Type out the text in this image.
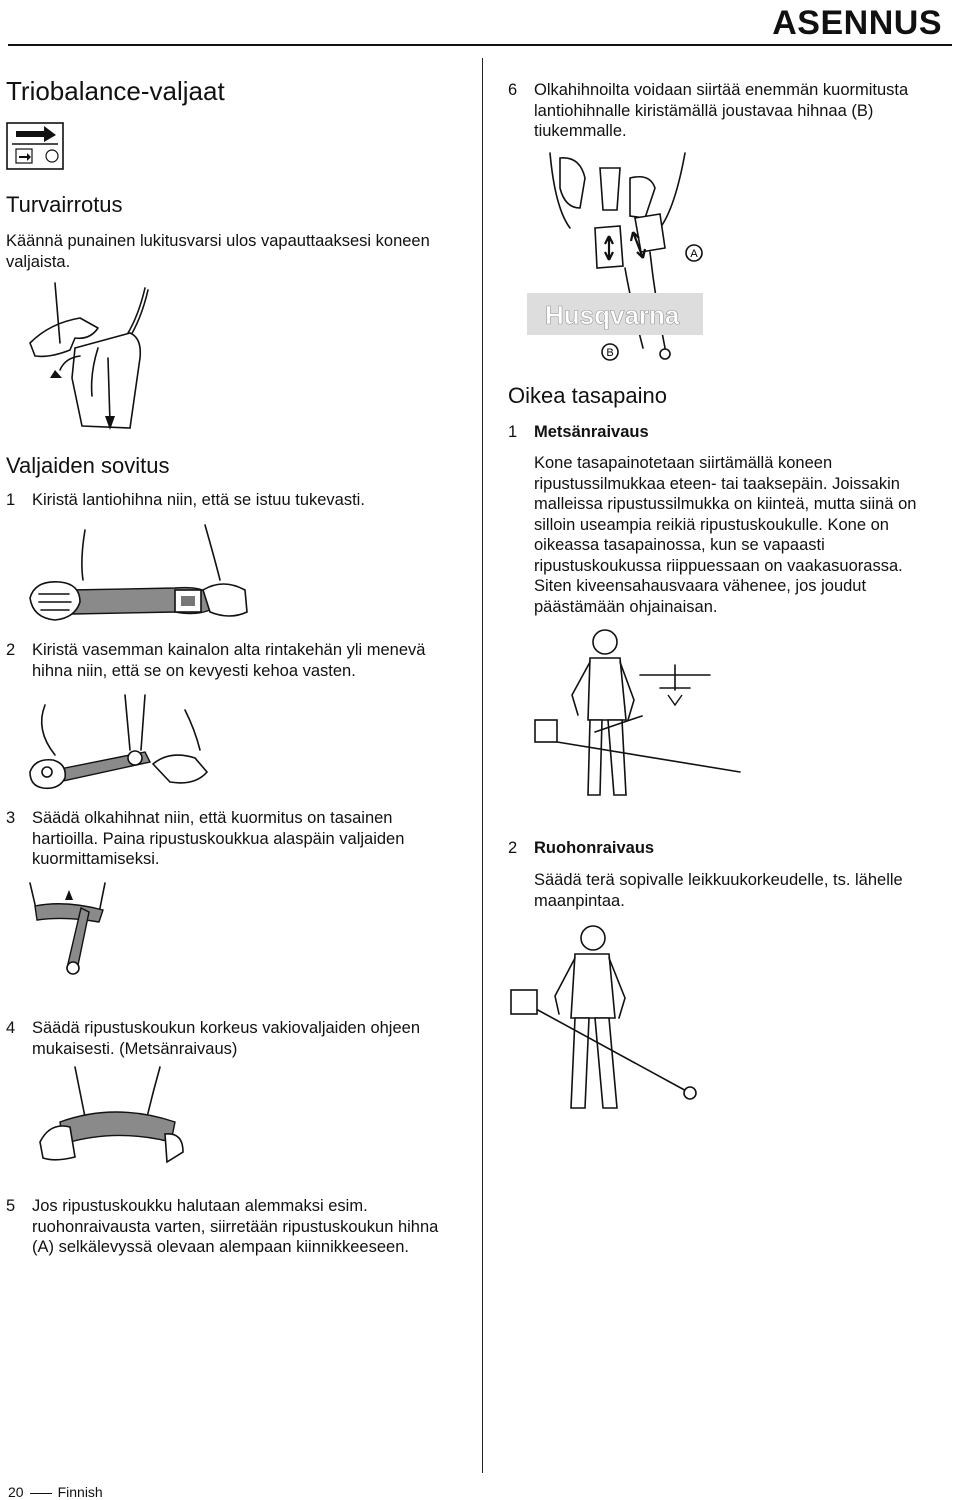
ASENNUS
Triobalance-valjaat
Turvairrotus
Käännä punainen lukitusvarsi ulos vapauttaaksesi koneen valjaista.
Valjaiden sovitus
1	Kiristä lantiohihna niin, että se istuu tukevasti.
2	Kiristä vasemman kainalon alta rintakehän yli menevä hihna niin, että se on kevyesti kehoa vasten.
3	Säädä olkahihnat niin, että kuormitus on tasainen hartioilla. Paina ripustuskoukkua alaspäin valjaiden kuormittamiseksi.
4	Säädä ripustuskoukun korkeus vakiovaljaiden ohjeen mukaisesti. (Metsänraivaus)
5	Jos ripustuskoukku halutaan alemmaksi esim. ruohonraivausta varten, siirretään ripustuskoukun hihna (A) selkälevyssä olevaan alempaan kiinnikkeeseen.
6	Olkahihnoilta voidaan siirtää enemmän kuormitusta lantiohihnalle kiristämällä joustavaa hihnaa (B) tiukemmalle.
Husqvarna
B
A
Oikea tasapaino
1	Metsänraivaus
Kone tasapainotetaan siirtämällä koneen ripustussilmukkaa eteen- tai taaksepäin. Joissakin malleissa ripustussilmukka on kiinteä, mutta siinä on silloin useampia reikiä ripustuskoukulle. Kone on oikeassa tasapainossa, kun se vapaasti ripustuskoukussa riippuessaan on vaakasuorassa. Siten kiveensahausvaara vähenee, jos joudut päästämään ohjainaisan.
2	Ruohonraivaus
Säädä terä sopivalle leikkuukorkeudelle, ts. lähelle maanpintaa.
20 Finnish
